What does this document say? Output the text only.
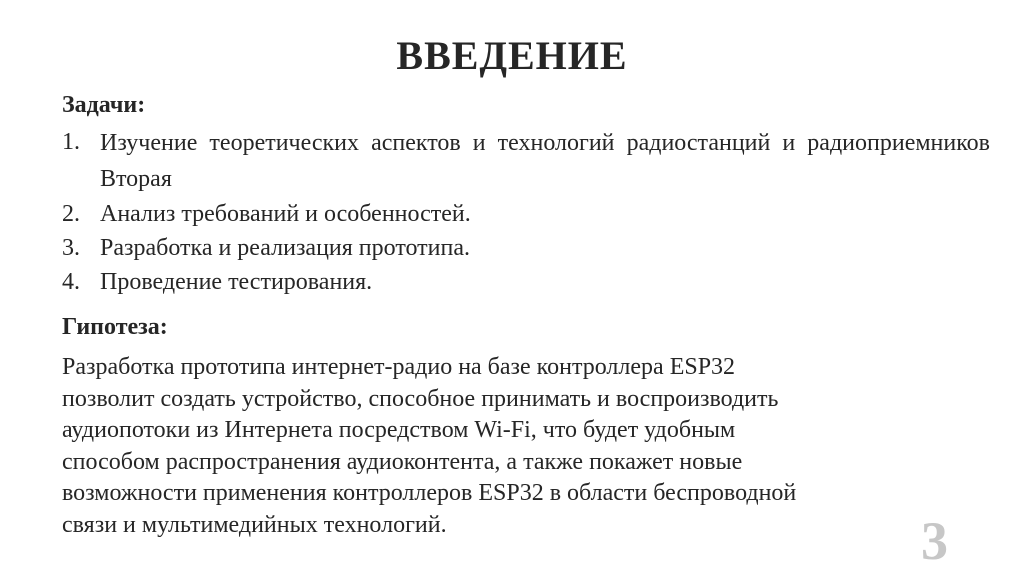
ВВЕДЕНИЕ
Задачи:
1. Изучение теоретических аспектов и технологий радиостанций и радиоприемников Вторая
2. Анализ требований и особенностей.
3. Разработка и реализация прототипа.
4. Проведение тестирования.
Гипотеза:

Разработка прототипа интернет-радио на базе контроллера ESP32
позволит создать устройство, способное принимать и воспроизводить
аудиопотоки из Интернета посредством Wi-Fi, что будет удобным
способом распространения аудиоконтента, а также покажет новые
возможности применения контроллеров ESP32 в области беспроводной
связи и мультимедийных технологий.	3
